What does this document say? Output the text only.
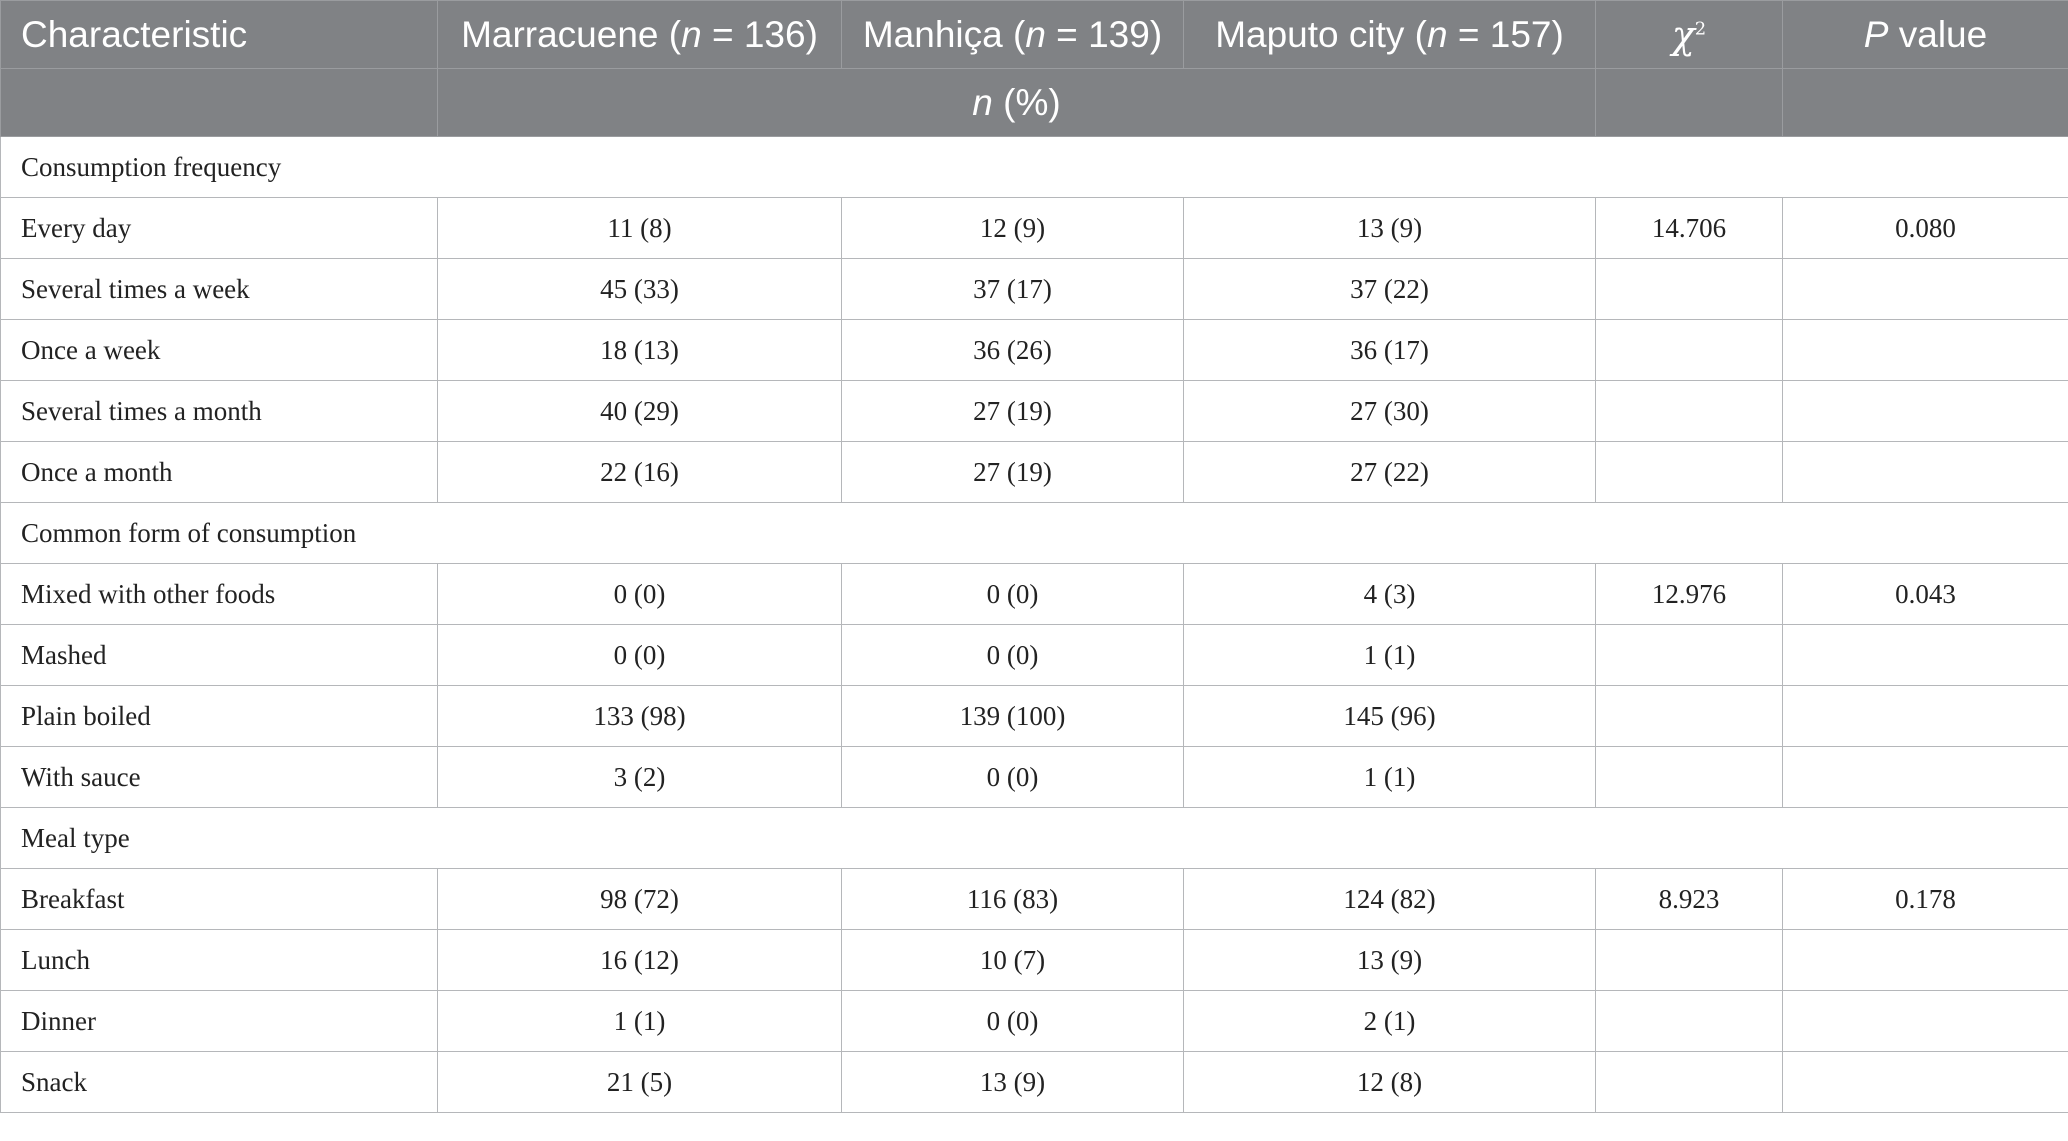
Characteristic	Marracuene (n = 136)	Manhiça (n = 139)	Maputo city (n = 157)	$\chi^2$	P value
	n (%)				
Consumption frequency					
Every day	11 (8)	12 (9)	13 (9)	14.706	0.080
Several times a week	45 (33)	37 (17)	37 (22)		
Once a week	18 (13)	36 (26)	36 (17)		
Several times a month	40 (29)	27 (19)	27 (30)		
Once a month	22 (16)	27 (19)	27 (22)		
Common form of consumption					
Mixed with other foods	0 (0)	0 (0)	4 (3)	12.976	0.043
Mashed	0 (0)	0 (0)	1 (1)		
Plain boiled	133 (98)	139 (100)	145 (96)		
With sauce	3 (2)	0 (0)	1 (1)		
Meal type					
Breakfast	98 (72)	116 (83)	124 (82)	8.923	0.178
Lunch	16 (12)	10 (7)	13 (9)		
Dinner	1 (1)	0 (0)	2 (1)		
Snack	21 (5)	13 (9)	12 (8)		
